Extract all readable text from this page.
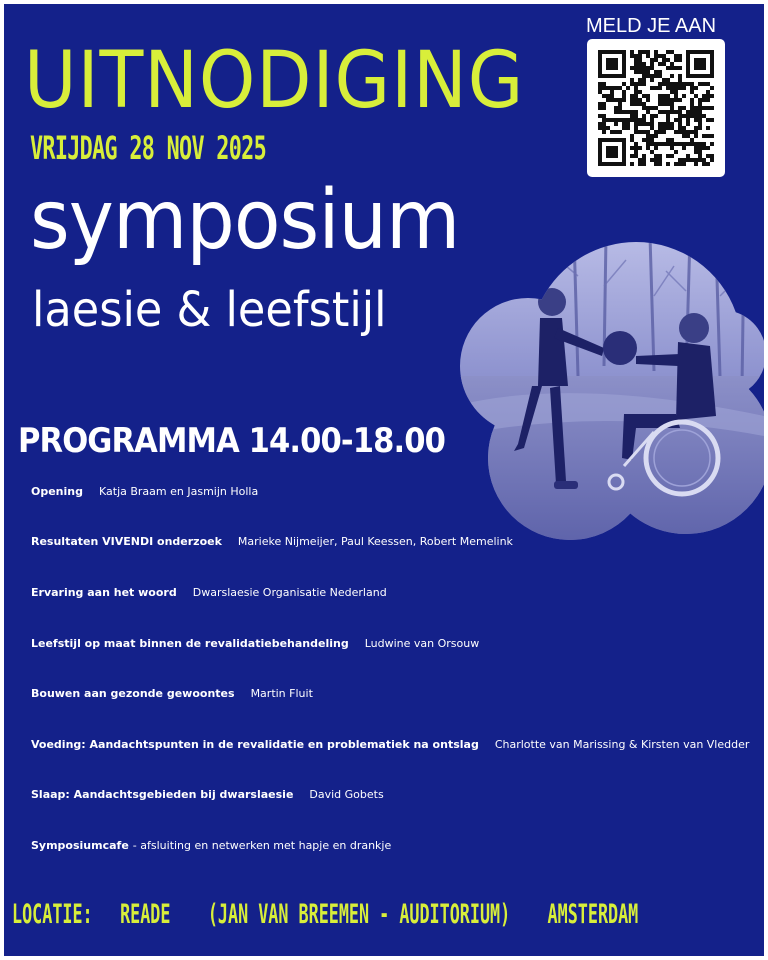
UITNODIGING
VRIJDAG 28 NOV 2025
MELD JE AAN
symposium
laesie & leefstijl
PROGRAMMA 14.00-18.00
Opening Katja Braam en Jasmijn Holla
Resultaten VIVENDI onderzoek Marieke Nijmeijer, Paul Keessen, Robert Memelink
Ervaring aan het woord Dwarslaesie Organisatie Nederland
Leefstijl op maat binnen de revalidatiebehandeling Ludwine van Orsouw
Bouwen aan gezonde gewoontes Martin Fluit
Voeding: Aandachtspunten in de revalidatie en problematiek na ontslag Charlotte van Marissing & Kirsten van Vledder
Slaap: Aandachtsgebieden bij dwarslaesie David Gobets
Symposiumcafe - afsluiting en netwerken met hapje en drankje
LOCATIE: READE (JAN VAN BREEMEN - AUDITORIUM) AMSTERDAM
